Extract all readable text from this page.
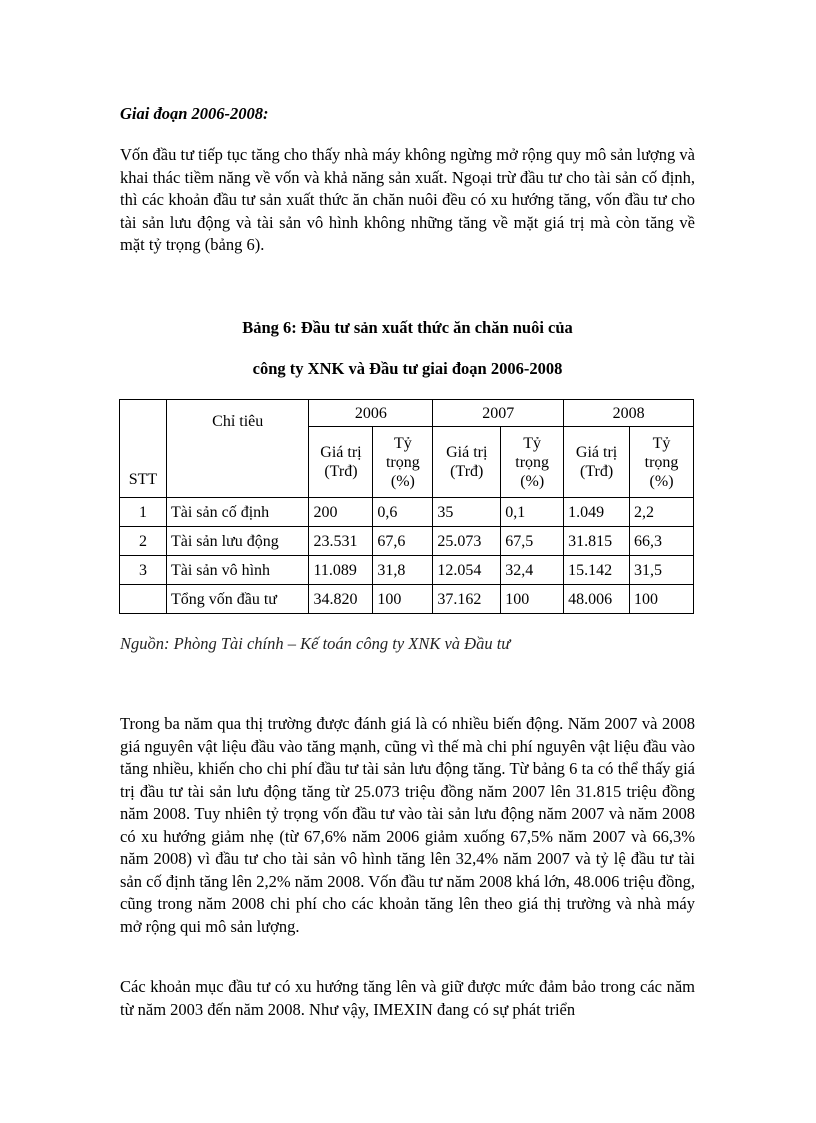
Giai đoạn 2006-2008:

Vốn đầu tư tiếp tục tăng cho thấy nhà máy không ngừng mở rộng quy mô sản lượng và khai thác tiềm năng về vốn và khả năng sản xuất. Ngoại trừ đầu tư cho tài sản cố định, thì các khoản đầu tư sản xuất thức ăn chăn nuôi đều có xu hướng tăng, vốn đầu tư cho tài sản lưu động và tài sản vô hình không những tăng về mặt giá trị mà còn tăng về mặt tỷ trọng (bảng 6).

Bảng 6: Đầu tư sản xuất thức ăn chăn nuôi của
công ty XNK và Đầu tư giai đoạn 2006-2008
STT	Chỉ tiêu	2006		2007		2008	
		Giá trị (Trđ)	Tỷ trọng (%)	Giá trị (Trđ)	Tỷ trọng (%)	Giá trị (Trđ)	Tỷ trọng (%)
1	Tài sản cố định	200	0,6	35	0,1	1.049	2,2
2	Tài sản lưu động	23.531	67,6	25.073	67,5	31.815	66,3
3	Tài sản vô hình	11.089	31,8	12.054	32,4	15.142	31,5
	Tổng vốn đầu tư	34.820	100	37.162	100	48.006	100
Nguồn: Phòng Tài chính – Kế toán công ty XNK và Đầu tư

Trong ba năm qua thị trường được đánh giá là có nhiều biến động. Năm 2007 và 2008 giá nguyên vật liệu đầu vào tăng mạnh, cũng vì thế mà chi phí nguyên vật liệu đầu vào tăng nhiều, khiến cho chi phí đầu tư tài sản lưu động tăng. Từ bảng 6 ta có thể thấy giá trị đầu tư tài sản lưu động tăng từ 25.073 triệu đồng năm 2007 lên 31.815 triệu đồng năm 2008. Tuy nhiên tỷ trọng vốn đầu tư vào tài sản lưu động năm 2007 và năm 2008 có xu hướng giảm nhẹ (từ 67,6% năm 2006 giảm xuống 67,5% năm 2007 và 66,3% năm 2008) vì đầu tư cho tài sản vô hình tăng lên 32,4% năm 2007 và tỷ lệ đầu tư tài sản cố định tăng lên 2,2% năm 2008. Vốn đầu tư năm 2008 khá lớn, 48.006 triệu đồng, cũng trong năm 2008 chi phí cho các khoản tăng lên theo giá thị trường và nhà máy mở rộng qui mô sản lượng.

Các khoản mục đầu tư có xu hướng tăng lên và giữ được mức đảm bảo trong các năm từ năm 2003 đến năm 2008. Như vậy, IMEXIN đang có sự phát triển
